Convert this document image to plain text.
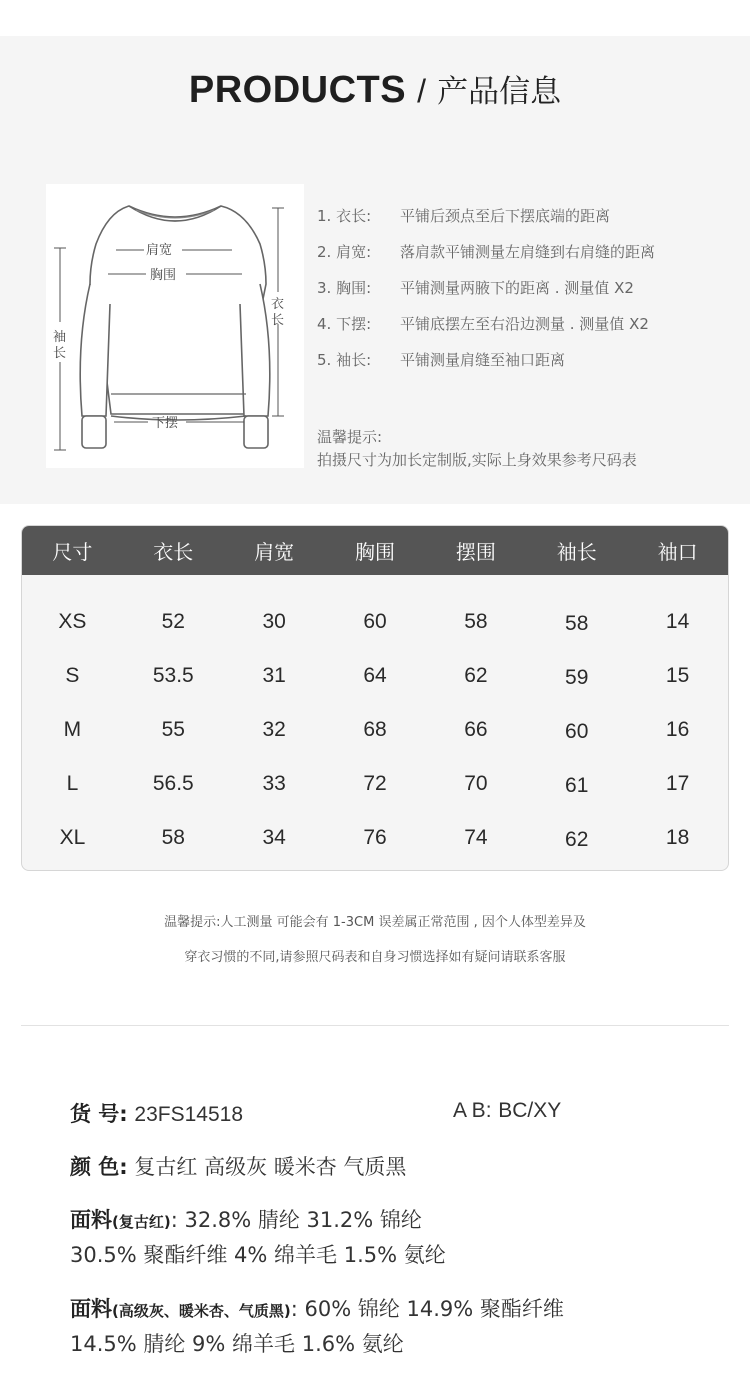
PRODUCTS / 产品信息
肩宽
胸围
衣
长
袖
长
下摆
1. 衣长:	平铺后颈点至后下摆底端的距离
2. 肩宽:	落肩款平铺测量左肩缝到右肩缝的距离
3. 胸围:	平铺测量两腋下的距离 . 测量值 X2
4. 下摆:	平铺底摆左至右沿边测量 . 测量值 X2
5. 袖长:	平铺测量肩缝至袖口距离
温馨提示:
拍摄尺寸为加长定制版,实际上身效果参考尺码表
尺寸	衣长	肩宽	胸围	摆围	袖长	袖口
XS	52	30	60	58	58	14
S	53.5	31	64	62	59	15
M	55	32	68	66	60	16
L	56.5	33	72	70	61	17
XL	58	34	76	74	62	18
温馨提示:人工测量 可能会有 1-3CM 误差属正常范围 , 因个人体型差异及
穿衣习惯的不同,请参照尺码表和自身习惯选择如有疑问请联系客服
货 号: 23FS14518	A B: BC/XY
颜 色: 复古红 高级灰 暖米杏 气质黑
面料(复古红): 32.8% 腈纶 31.2% 锦纶
30.5% 聚酯纤维 4% 绵羊毛 1.5% 氨纶
面料(高级灰、暖米杏、气质黑): 60% 锦纶 14.9% 聚酯纤维
14.5% 腈纶 9% 绵羊毛 1.6% 氨纶
